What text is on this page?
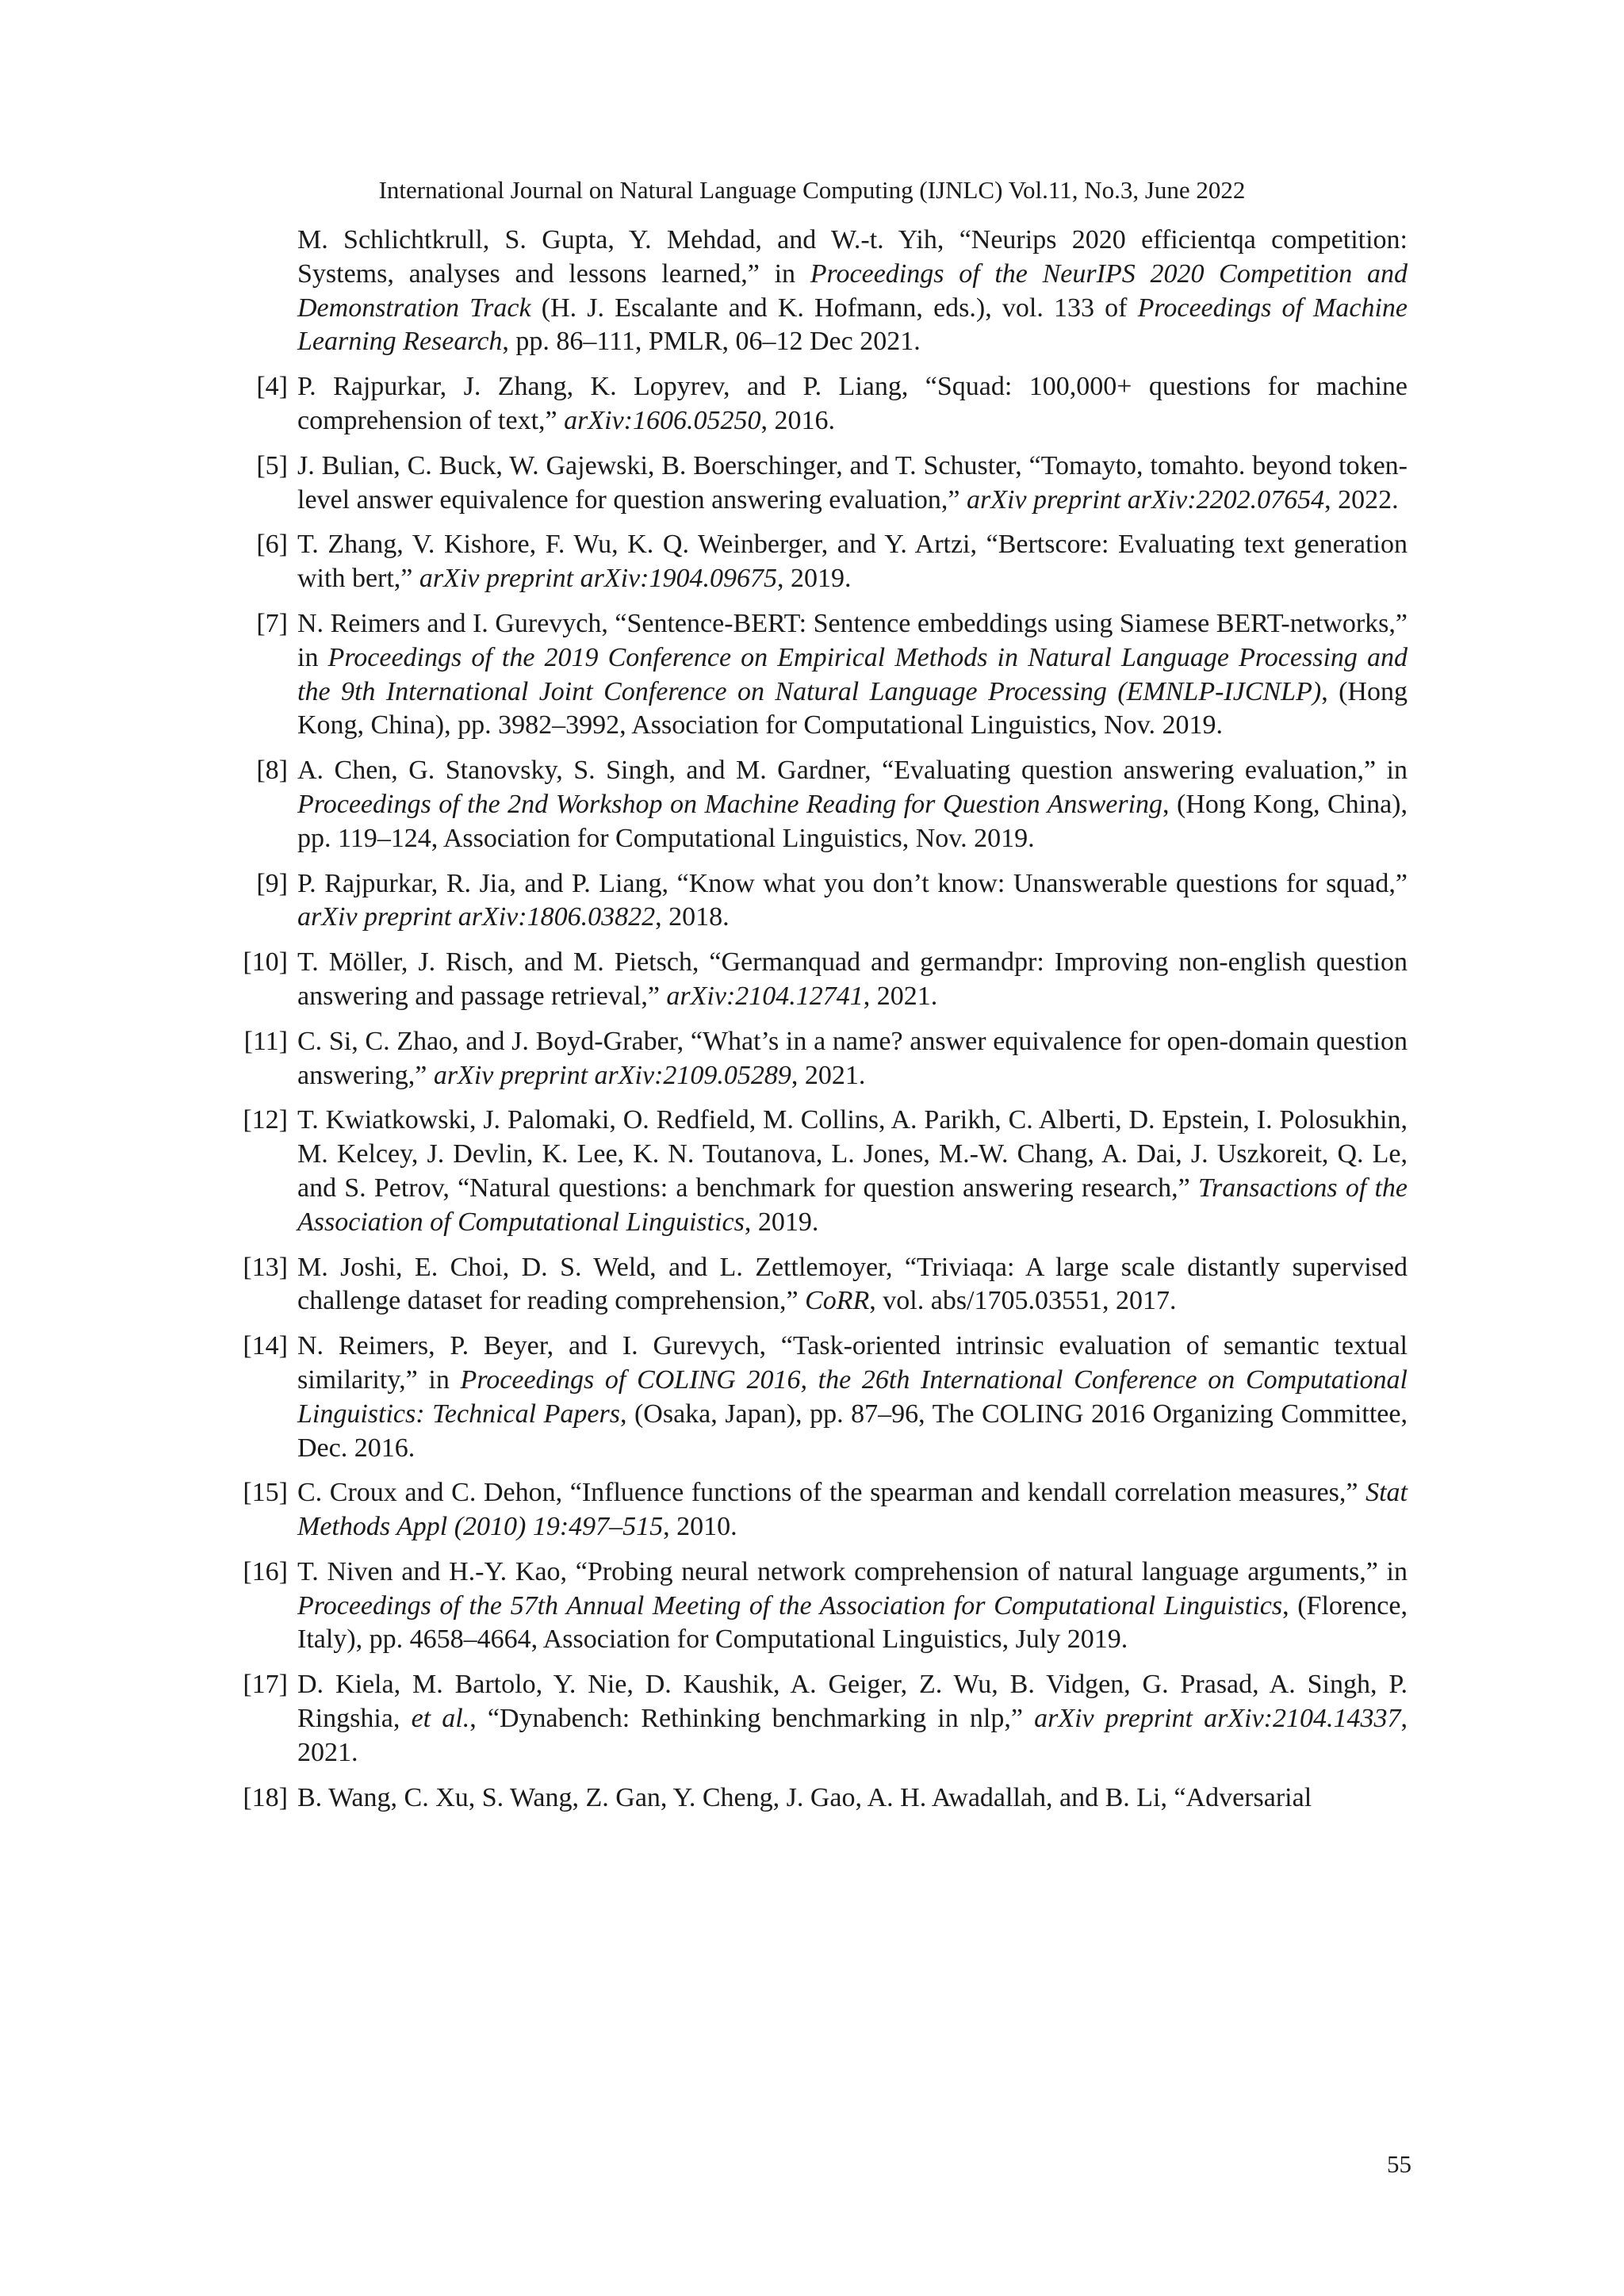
International Journal on Natural Language Computing (IJNLC) Vol.11, No.3, June 2022
M. Schlichtkrull, S. Gupta, Y. Mehdad, and W.-t. Yih, “Neurips 2020 efficientqa competition: Systems, analyses and lessons learned,” in Proceedings of the NeurIPS 2020 Competition and Demonstration Track (H. J. Escalante and K. Hofmann, eds.), vol. 133 of Proceedings of Machine Learning Research, pp. 86–111, PMLR, 06–12 Dec 2021.
[4] P. Rajpurkar, J. Zhang, K. Lopyrev, and P. Liang, “Squad: 100,000+ questions for machine comprehension of text,” arXiv:1606.05250, 2016.
[5] J. Bulian, C. Buck, W. Gajewski, B. Boerschinger, and T. Schuster, “Tomayto, tomahto. beyond token-level answer equivalence for question answering evaluation,” arXiv preprint arXiv:2202.07654, 2022.
[6] T. Zhang, V. Kishore, F. Wu, K. Q. Weinberger, and Y. Artzi, “Bertscore: Evaluating text generation with bert,” arXiv preprint arXiv:1904.09675, 2019.
[7] N. Reimers and I. Gurevych, “Sentence-BERT: Sentence embeddings using Siamese BERT-networks,” in Proceedings of the 2019 Conference on Empirical Methods in Natural Language Processing and the 9th International Joint Conference on Natural Language Processing (EMNLP-IJCNLP), (Hong Kong, China), pp. 3982–3992, Association for Computational Linguistics, Nov. 2019.
[8] A. Chen, G. Stanovsky, S. Singh, and M. Gardner, “Evaluating question answering evaluation,” in Proceedings of the 2nd Workshop on Machine Reading for Question Answering, (Hong Kong, China), pp. 119–124, Association for Computational Linguistics, Nov. 2019.
[9] P. Rajpurkar, R. Jia, and P. Liang, “Know what you don’t know: Unanswerable questions for squad,” arXiv preprint arXiv:1806.03822, 2018.
[10] T. Möller, J. Risch, and M. Pietsch, “Germanquad and germandpr: Improving non-english question answering and passage retrieval,” arXiv:2104.12741, 2021.
[11] C. Si, C. Zhao, and J. Boyd-Graber, “What’s in a name? answer equivalence for open-domain question answering,” arXiv preprint arXiv:2109.05289, 2021.
[12] T. Kwiatkowski, J. Palomaki, O. Redfield, M. Collins, A. Parikh, C. Alberti, D. Epstein, I. Polosukhin, M. Kelcey, J. Devlin, K. Lee, K. N. Toutanova, L. Jones, M.-W. Chang, A. Dai, J. Uszkoreit, Q. Le, and S. Petrov, “Natural questions: a benchmark for question answering research,” Transactions of the Association of Computational Linguistics, 2019.
[13] M. Joshi, E. Choi, D. S. Weld, and L. Zettlemoyer, “Triviaqa: A large scale distantly supervised challenge dataset for reading comprehension,” CoRR, vol. abs/1705.03551, 2017.
[14] N. Reimers, P. Beyer, and I. Gurevych, “Task-oriented intrinsic evaluation of semantic textual similarity,” in Proceedings of COLING 2016, the 26th International Conference on Computational Linguistics: Technical Papers, (Osaka, Japan), pp. 87–96, The COLING 2016 Organizing Committee, Dec. 2016.
[15] C. Croux and C. Dehon, “Influence functions of the spearman and kendall correlation measures,” Stat Methods Appl (2010) 19:497–515, 2010.
[16] T. Niven and H.-Y. Kao, “Probing neural network comprehension of natural language arguments,” in Proceedings of the 57th Annual Meeting of the Association for Computational Linguistics, (Florence, Italy), pp. 4658–4664, Association for Computational Linguistics, July 2019.
[17] D. Kiela, M. Bartolo, Y. Nie, D. Kaushik, A. Geiger, Z. Wu, B. Vidgen, G. Prasad, A. Singh, P. Ringshia, et al., “Dynabench: Rethinking benchmarking in nlp,” arXiv preprint arXiv:2104.14337, 2021.
[18] B. Wang, C. Xu, S. Wang, Z. Gan, Y. Cheng, J. Gao, A. H. Awadallah, and B. Li, “Adversarial
55
